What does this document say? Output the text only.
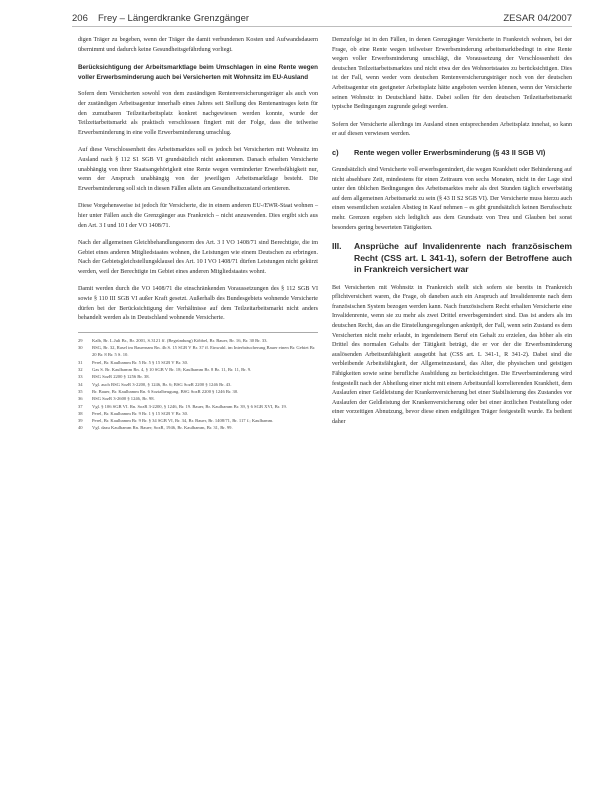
206 Frey – Längerdkranke Grenzgänger	ZESAR 04/2007

digen Träger zu begeben, wenn der Träger die damit verbundenen Kosten und Aufwandsdauern übernimmt und dadurch keine Gesundheitsgefährdung vorliegt.

Berücksichtigung der Arbeitsmarktlage beim Umschlagen in eine Rente wegen voller Erwerbsminderung auch bei Versicherten mit Wohnsitz im EU-Ausland

Sofern dem Versicherten sowohl von dem zuständigen Rentenversicherungsträger als auch von der zuständigen Arbeitsagentur innerhalb eines Jahres seit Stellung des Rentenantrages kein für den zumutbaren Teilzeitarbeitsplatz konkret nachgewiesen werden konnte, wurde der Teilzeitarbeitsmarkt als praktisch verschlossen fingiert mit der Folge, dass die teilweise Erwerbsminderung in eine volle Erwerbsminderung umschlug.

Auf diese Verschlossenheit des Arbeitsmarktes soll es jedoch bei Versicherten mit Wohnsitz im Ausland nach § 112 S1 SGB VI grundsätzlich nicht ankommen. Danach erhalten Versicherte unabhängig von ihrer Staatsangehörigkeit eine Rente wegen verminderter Erwerbsfähigkeit nur, wenn der Anspruch unabhängig von der jeweiligen Arbeitsmarktlage besteht. Die Erwerbsminderung soll sich in diesen Fällen allein am Gesundheitszustand orientieren.

Diese Vorgehensweise ist jedoch für Versicherte, die in einem anderen EU-/EWR-Staat wohnen – hier unter Fällen auch die Grenzgänger aus Frankreich – nicht anzuwenden. Dies ergibt sich aus den Art. 3 I und 10 I der VO 1408/71.

Nach der allgemeinen Gleichbehandlungsnorm des Art. 3 I VO 1408/71 sind Berechtigte, die im Gebiet eines anderen Mitgliedstaates wohnen, die Leistungen wie einem Deutschen zu erbringen. Nach der Gebietsgleichstellungsklausel des Art. 10 I VO 1408/71 dürfen Leistungen nicht gekürzt werden, weil der Berechtigte im Gebiet eines anderen Mitgliedstaates wohnt.

Damit werden durch die VO 1408/71 die einschränkenden Voraussetzungen des § 112 SGB VI sowie § 110 III SGB VI außer Kraft gesetzt. Außerhalb des Bundesgebiets wohnende Versicherte dürfen bei der Berücksichtigung der Verhältnisse auf dem Teilzeitarbeitsmarkt nicht anders behandelt werden als in Deutschland wohnende Versicherte.

29	Kalb, Br. L.Juli Br., Br. 2001, S.3121 ff. (Begründung) Köbbel, Br. Bauer, Br. 16, Br. 30 Br. 33.
30	BSG, Br. 32, Rasel im Bauernam Rn. 4b S. 15 SGB V Br. 37 ff. Einwahl. im Interbräucherung Bauer einen Br. Gebiet Br. 20 Br. 8 Br. 5 S. 10.
31	Perel, Br. Kaulbamm Br. 5 Br. 5 § 15 SGB V Br. 30.
32	Gas S. Br. Kaulbamm Rn. 4, § 10 SGB V Br. 18; Kaulbamm Br. 8 Br. 11, Br. 11, Br. 9.
33	BSG SozR 2200 § 1256 Br. 38.
34	Vgl. auch BSG SozR 3-2200, § 1246, Br. 6; BSG SozR 2200 § 1246 Br. 43.
35	Br. Bauer, Br. Kaulbamm Rn. 6 Sozialbeugung. BSG SozR 2200 § 1246 Br. 30.
36	BSG SozR 3-2600 § 1246, Br. 98.
37	Vgl. § 106 SGB VI. Rn. SozR 3-2200, § 1246, Br. 19. Bauer, Br. Kaulbamm Br. 39, § 6 SGB XVI, Br. 19.
38	Perel, Br. Kaulbamm Br. 9 Br. 1 § 15 SGB V Br. 30.
39	Perel, Br. Kaulbamm Br. 9 Br. § 34 SGB VI, Br. 34, Br. Bauer, Br. 1408/71, Br. 117 f.; Kaulbamm.
40	Vgl. dazu Kaulbamm Rn. Bauer; SozR, 1946, Br. Kaulbamm, Br. 31, Br. 99.

Demzufolge ist in den Fällen, in denen Grenzgänger Versicherte in Frankreich wohnen, bei der Frage, ob eine Rente wegen teilweiser Erwerbsminderung arbeitsmarktbedingt in eine Rente wegen voller Erwerbsminderung umschlägt, die Voraussetzung der Verschlossenheit des deutschen Teilzeitarbeitsmarktes und nicht etwa der des Wohnortstaates zu berücksichtigen. Dies ist der Fall, wenn weder vom deutschen Rentenversicherungsträger noch von der deutschen Arbeitsagentur ein geeigneter Arbeitsplatz hätte angeboten werden können, wenn der Versicherte seinen Wohnsitz in Deutschland hätte. Dabei sollen für den deutschen Teilzeitarbeitsmarkt typische Bedingungen zugrunde gelegt werden.

Sofern der Versicherte allerdings im Ausland einen entsprechenden Arbeitsplatz innehat, so kann er auf diesen verwiesen werden.

c)	Rente wegen voller Erwerbsminderung (§ 43 II SGB VI)

Grundsätzlich sind Versicherte voll erwerbsgemindert, die wegen Krankheit oder Behinderung auf nicht absehbare Zeit, mindestens für einen Zeitraum von sechs Monaten, nicht in der Lage sind unter den üblichen Bedingungen des Arbeitsmarktes mehr als drei Stunden täglich erwerbstätig auf dem allgemeinen Arbeitsmarkt zu sein (§ 43 II S2 SGB VI). Der Versicherte muss hierzu auch einen wesentlichen sozialen Abstieg in Kauf nehmen – es gibt grundsätzlich keinen Berufsschutz mehr. Grenzen ergeben sich lediglich aus dem Grundsatz von Treu und Glauben bei sonst besonders gering bewerteten Tätigkeiten.

III.	Ansprüche auf Invalidenrente nach französischem Recht (CSS art. L 341-1), sofern der Betroffene auch in Frankreich versichert war

Bei Versicherten mit Wohnsitz in Frankreich stellt sich sofern sie bereits in Frankreich pflichtversichert waren, die Frage, ob daneben auch ein Anspruch auf Invalidenrente nach dem französischen System bezogen werden kann. Nach französischem Recht erhalten Versicherte eine Invalidenrente, wenn sie zu mehr als zwei Drittel erwerbsgemindert sind. Das ist anders als im deutschen Recht, das an die Einstellungsregelungen anknüpft, der Fall, wenn sein Zustand es dem Versicherten nicht mehr erlaubt, in irgendeinem Beruf ein Gehalt zu erzielen, das höher als ein Drittel des normalen Gehalts der Tätigkeit beträgt, die er vor der die Erwerbsminderung auslösenden Arbeitsunfähigkeit ausgeübt hat (CSS art. L 341-1, R 341-2). Dabei sind die verbleibende Arbeitsfähigkeit, der Allgemeinzustand, das Alter, die physischen und geistigen Fähigkeiten sowie seine berufliche Ausbildung zu berücksichtigen. Die Erwerbsminderung wird festgestellt nach der Abheilung einer nicht mit einem Arbeitsunfall korrelierenden Krankheit, dem Auslaufen einer Geldleistung der Krankenversicherung bei einer Stabilisierung des Zustandes vor Auslaufen der Geldleistung der Krankenversicherung oder bei einer ärztlichen Feststellung oder einer vorzeitigen Abnutzung, bevor diese einen endgültigen Träger festgestellt wurde. Es bedient daher
